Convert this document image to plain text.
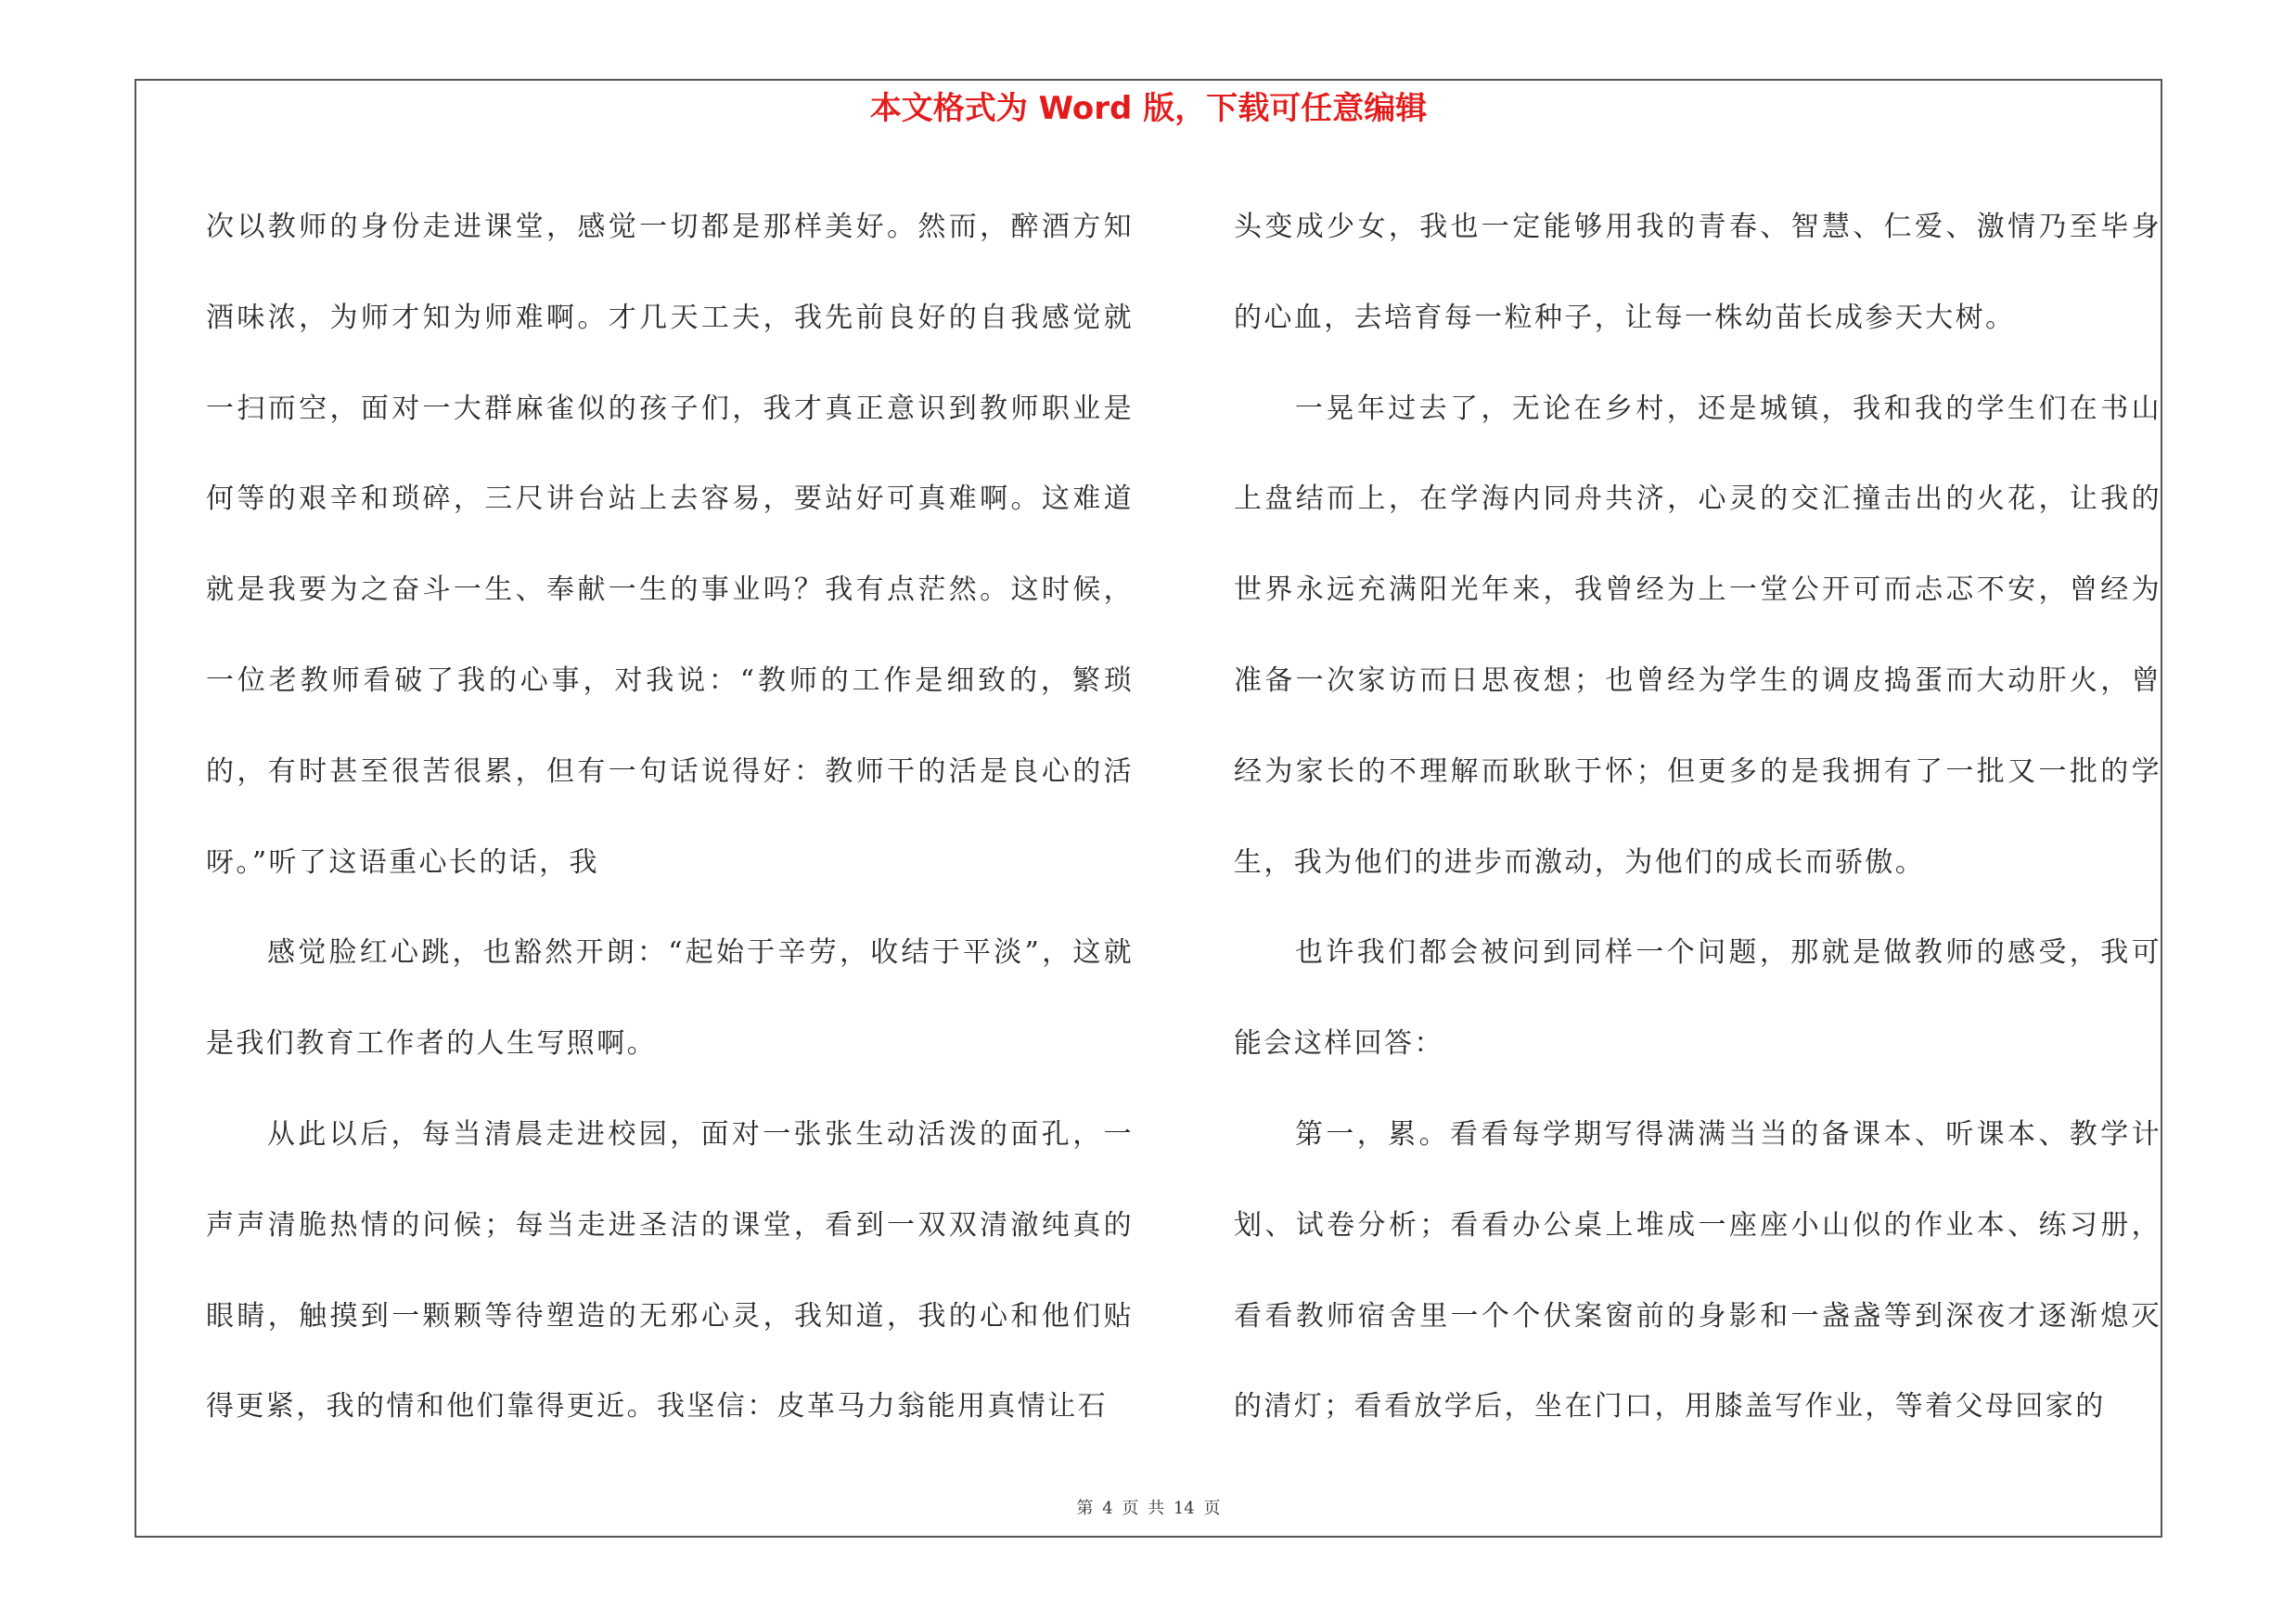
本文格式为 Word 版，下载可任意编辑

次以教师的身份走进课堂，感觉一切都是那样美好。然而，醉酒方知酒味浓，为师才知为师难啊。才几天工夫，我先前良好的自我感觉就一扫而空，面对一大群麻雀似的孩子们，我才真正意识到教师职业是何等的艰辛和琐碎，三尺讲台站上去容易，要站好可真难啊。这难道就是我要为之奋斗一生、奉献一生的事业吗？我有点茫然。这时候，一位老教师看破了我的心事，对我说：“教师的工作是细致的，繁琐的，有时甚至很苦很累，但有一句话说得好：教师干的活是良心的活呀。”听了这语重心长的话，我

感觉脸红心跳，也豁然开朗：“起始于辛劳，收结于平淡”，这就是我们教育工作者的人生写照啊。

从此以后，每当清晨走进校园，面对一张张生动活泼的面孔，一声声清脆热情的问候；每当走进圣洁的课堂，看到一双双清澈纯真的眼睛，触摸到一颗颗等待塑造的无邪心灵，我知道，我的心和他们贴得更紧，我的情和他们靠得更近。我坚信：皮革马力翁能用真情让石

头变成少女，我也一定能够用我的青春、智慧、仁爱、激情乃至毕身的心血，去培育每一粒种子，让每一株幼苗长成参天大树。

一晃年过去了，无论在乡村，还是城镇，我和我的学生们在书山上盘结而上，在学海内同舟共济，心灵的交汇撞击出的火花，让我的世界永远充满阳光年来，我曾经为上一堂公开可而忐忑不安，曾经为准备一次家访而日思夜想；也曾经为学生的调皮捣蛋而大动肝火，曾经为家长的不理解而耿耿于怀；但更多的是我拥有了一批又一批的学生，我为他们的进步而激动，为他们的成长而骄傲。

也许我们都会被问到同样一个问题，那就是做教师的感受，我可能会这样回答：

第一，累。看看每学期写得满满当当的备课本、听课本、教学计划、试卷分析；看看办公桌上堆成一座座小山似的作业本、练习册，看看教师宿舍里一个个伏案窗前的身影和一盏盏等到深夜才逐渐熄灭的清灯；看看放学后，坐在门口，用膝盖写作业，等着父母回家的

第 4 页 共 14 页
